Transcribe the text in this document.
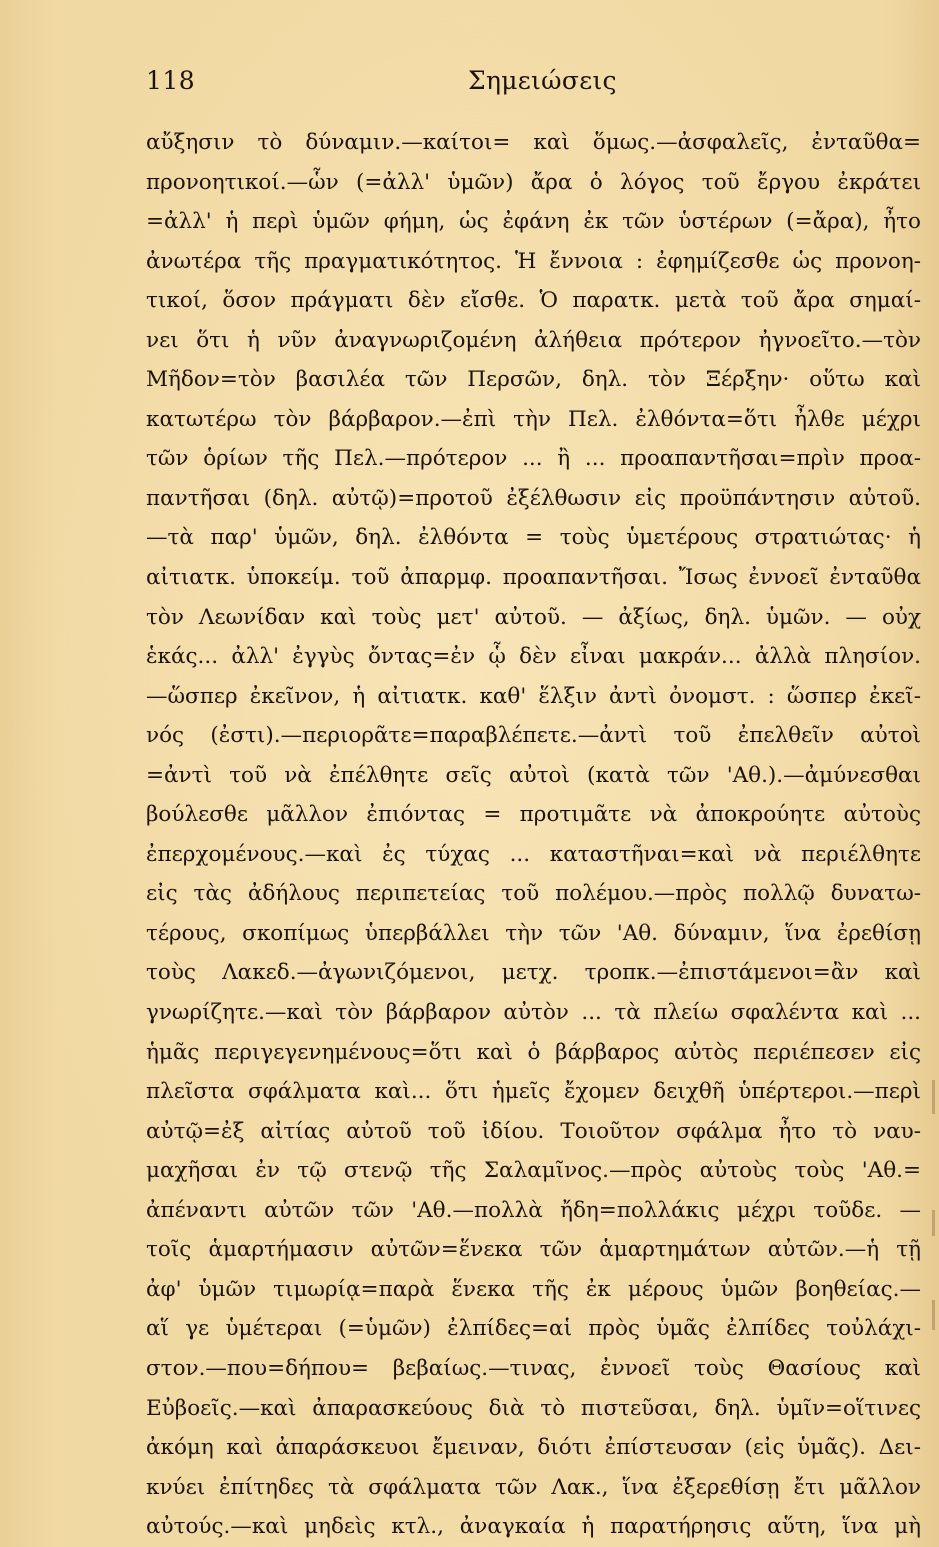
118	Σημειώσεις
αὔξησιν τὸ δύναμιν.—καίτοι= καὶ ὅμως.—ἀσφαλεῖς, ἐνταῦθα=
προνοητικοί.—ὧν (=ἀλλ' ὑμῶν) ἄρα ὁ λόγος τοῦ ἔργου ἐκράτει
=ἀλλ' ἡ περὶ ὑμῶν φήμη, ὡς ἐφάνη ἐκ τῶν ὑστέρων (=ἄρα), ἦτο
ἀνωτέρα τῆς πραγματικότητος. Ἡ ἔννοια : ἐφημίζεσθε ὡς προνοη-
τικοί, ὅσον πράγματι δὲν εἴσθε. Ὁ παρατκ. μετὰ τοῦ ἄρα σημαί-
νει ὅτι ἡ νῦν ἀναγνωριζομένη ἀλήθεια πρότερον ἠγνοεῖτο.—τὸν
Μῆδον=τὸν βασιλέα τῶν Περσῶν, δηλ. τὸν Ξέρξην· οὕτω καὶ
κατωτέρω τὸν βάρβαρον.—ἐπὶ τὴν Πελ. ἐλθόντα=ὅτι ἦλθε μέχρι
τῶν ὁρίων τῆς Πελ.—πρότερον ... ἢ ... προαπαντῆσαι=πρὶν προα-
παντῆσαι (δηλ. αὐτῷ)=προτοῦ ἐξέλθωσιν εἰς προϋπάντησιν αὐτοῦ.
—τὰ παρ' ὑμῶν, δηλ. ἐλθόντα = τοὺς ὑμετέρους στρατιώτας· ἡ
αἰτιατκ. ὑποκείμ. τοῦ ἀπαρμφ. προαπαντῆσαι. Ἴσως ἐννοεῖ ἐνταῦθα
τὸν Λεωνίδαν καὶ τοὺς μετ' αὐτοῦ. — ἀξίως, δηλ. ὑμῶν. — οὐχ
ἑκάς... ἀλλ' ἐγγὺς ὄντας=ἐν ᾧ δὲν εἶναι μακράν... ἀλλὰ πλησίον.
—ὥσπερ ἐκεῖνον, ἡ αἰτιατκ. καθ' ἕλξιν ἀντὶ ὀνομστ. : ὥσπερ ἐκεῖ-
νός (ἐστι).—περιορᾶτε=παραβλέπετε.—ἀντὶ τοῦ ἐπελθεῖν αὐτοὶ
=ἀντὶ τοῦ νὰ ἐπέλθητε σεῖς αὐτοὶ (κατὰ τῶν 'Αθ.).—ἀμύνεσθαι
βούλεσθε μᾶλλον ἐπιόντας = προτιμᾶτε νὰ ἀποκρούητε αὐτοὺς
ἐπερχομένους.—καὶ ἐς τύχας ... καταστῆναι=καὶ νὰ περιέλθητε
εἰς τὰς ἀδήλους περιπετείας τοῦ πολέμου.—πρὸς πολλῷ δυνατω-
τέρους, σκοπίμως ὑπερβάλλει τὴν τῶν 'Αθ. δύναμιν, ἵνα ἐρεθίσῃ
τοὺς Λακεδ.—ἀγωνιζόμενοι, μετχ. τροπκ.—ἐπιστάμενοι=ἂν καὶ
γνωρίζητε.—καὶ τὸν βάρβαρον αὐτὸν ... τὰ πλείω σφαλέντα καὶ ...
ἡμᾶς περιγεγενημένους=ὅτι καὶ ὁ βάρβαρος αὐτὸς περιέπεσεν εἰς
πλεῖστα σφάλματα καὶ... ὅτι ἡμεῖς ἔχομεν δειχθῆ ὑπέρτεροι.—περὶ
αὐτῷ=ἐξ αἰτίας αὐτοῦ τοῦ ἰδίου. Τοιοῦτον σφάλμα ἦτο τὸ ναυ-
μαχῆσαι ἐν τῷ στενῷ τῆς Σαλαμῖνος.—πρὸς αὐτοὺς τοὺς 'Αθ.=
ἀπέναντι αὐτῶν τῶν 'Αθ.—πολλὰ ἤδη=πολλάκις μέχρι τοῦδε. —
τοῖς ἁμαρτήμασιν αὐτῶν=ἕνεκα τῶν ἁμαρτημάτων αὐτῶν.—ἡ τῇ
ἀφ' ὑμῶν τιμωρίᾳ=παρὰ ἕνεκα τῆς ἐκ μέρους ὑμῶν βοηθείας.—
αἵ γε ὑμέτεραι (=ὑμῶν) ἐλπίδες=αἱ πρὸς ὑμᾶς ἐλπίδες τοὐλάχι-
στον.—που=δήπου= βεβαίως.—τινας, ἐννοεῖ τοὺς Θασίους καὶ
Εὐβοεῖς.—καὶ ἀπαρασκεύους διὰ τὸ πιστεῦσαι, δηλ. ὑμῖν=οἵτινες
ἀκόμη καὶ ἀπαράσκευοι ἔμειναν, διότι ἐπίστευσαν (εἰς ὑμᾶς). Δει-
κνύει ἐπίτηδες τὰ σφάλματα τῶν Λακ., ἵνα ἐξερεθίσῃ ἔτι μᾶλλον
αὐτούς.—καὶ μηδεὶς κτλ., ἀναγκαία ἡ παρατήρησις αὕτη, ἵνα μὴ
